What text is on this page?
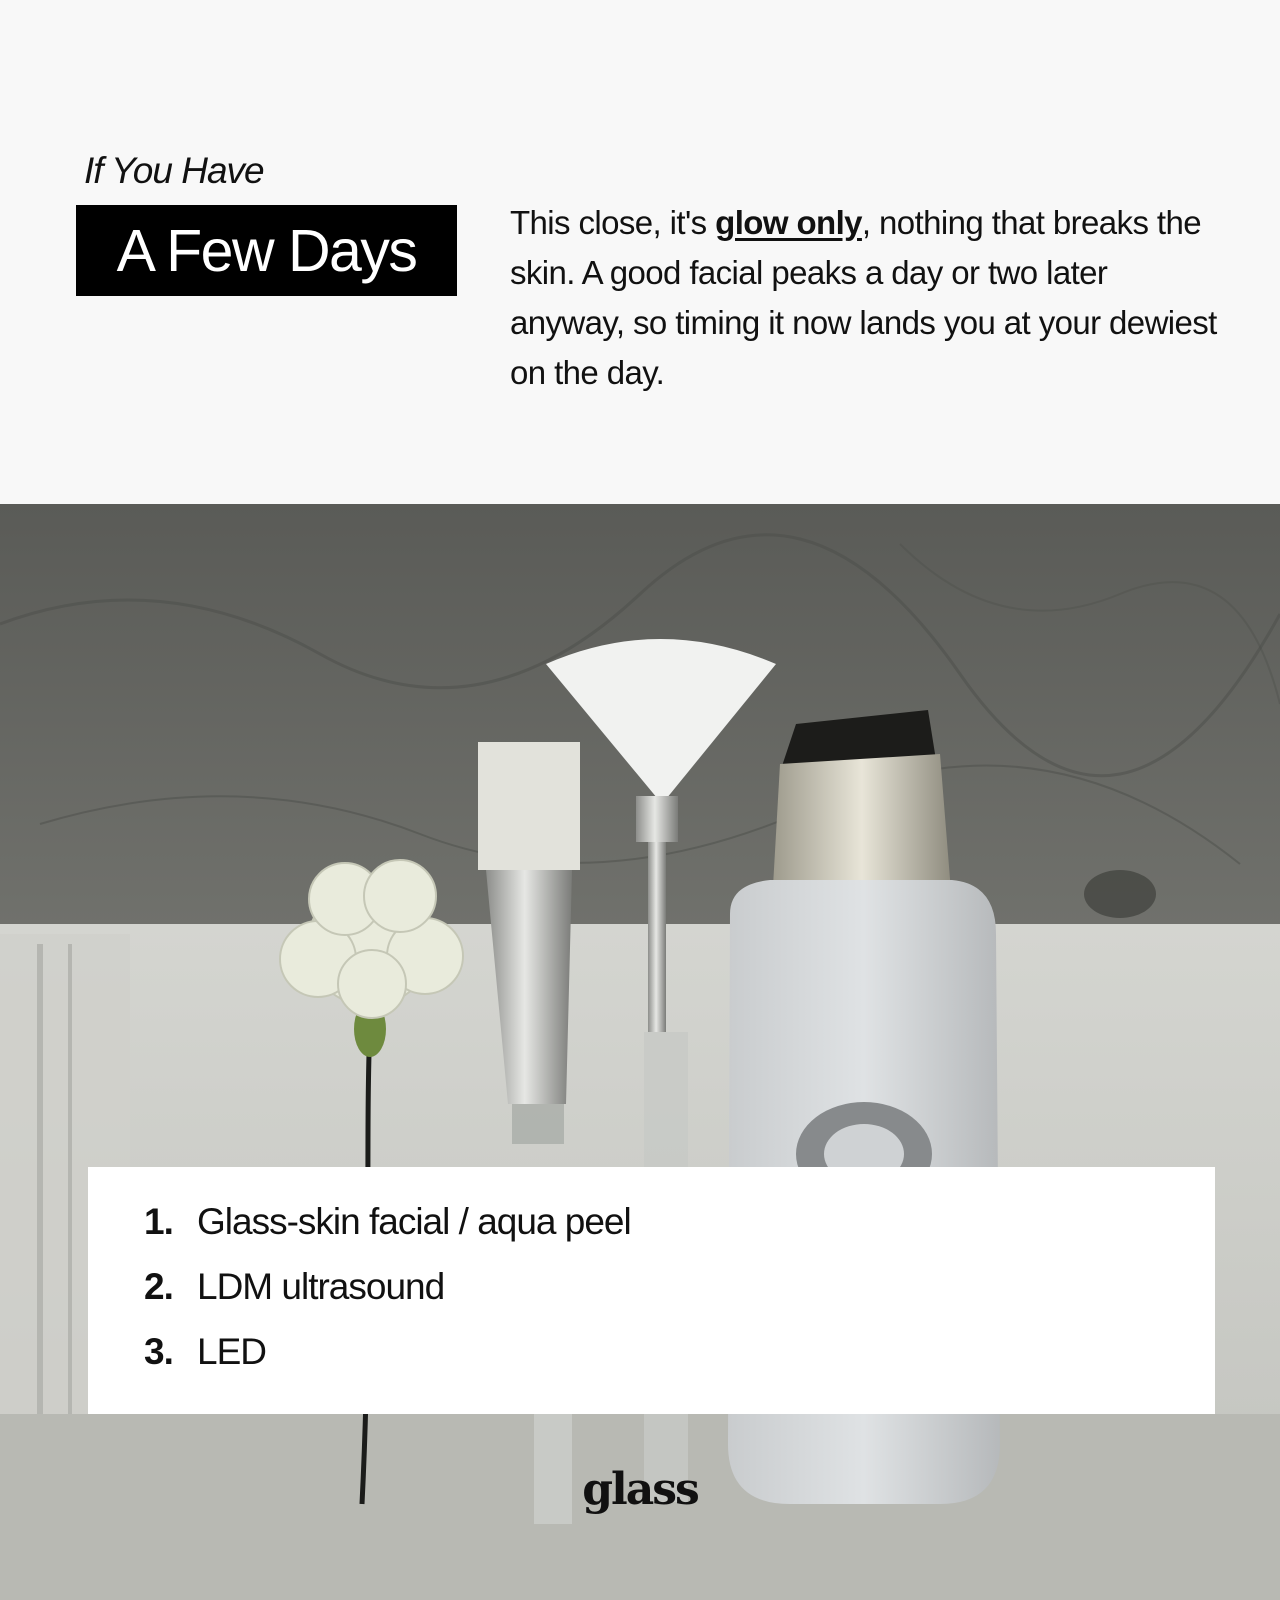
If You Have
A Few Days	This close, it's glow only, nothing that breaks the skin. A good facial peaks a day or two later anyway, so timing it now lands you at your dewiest on the day.
1. Glass-skin facial / aqua peel
2. LDM ultrasound
3. LED
glass
